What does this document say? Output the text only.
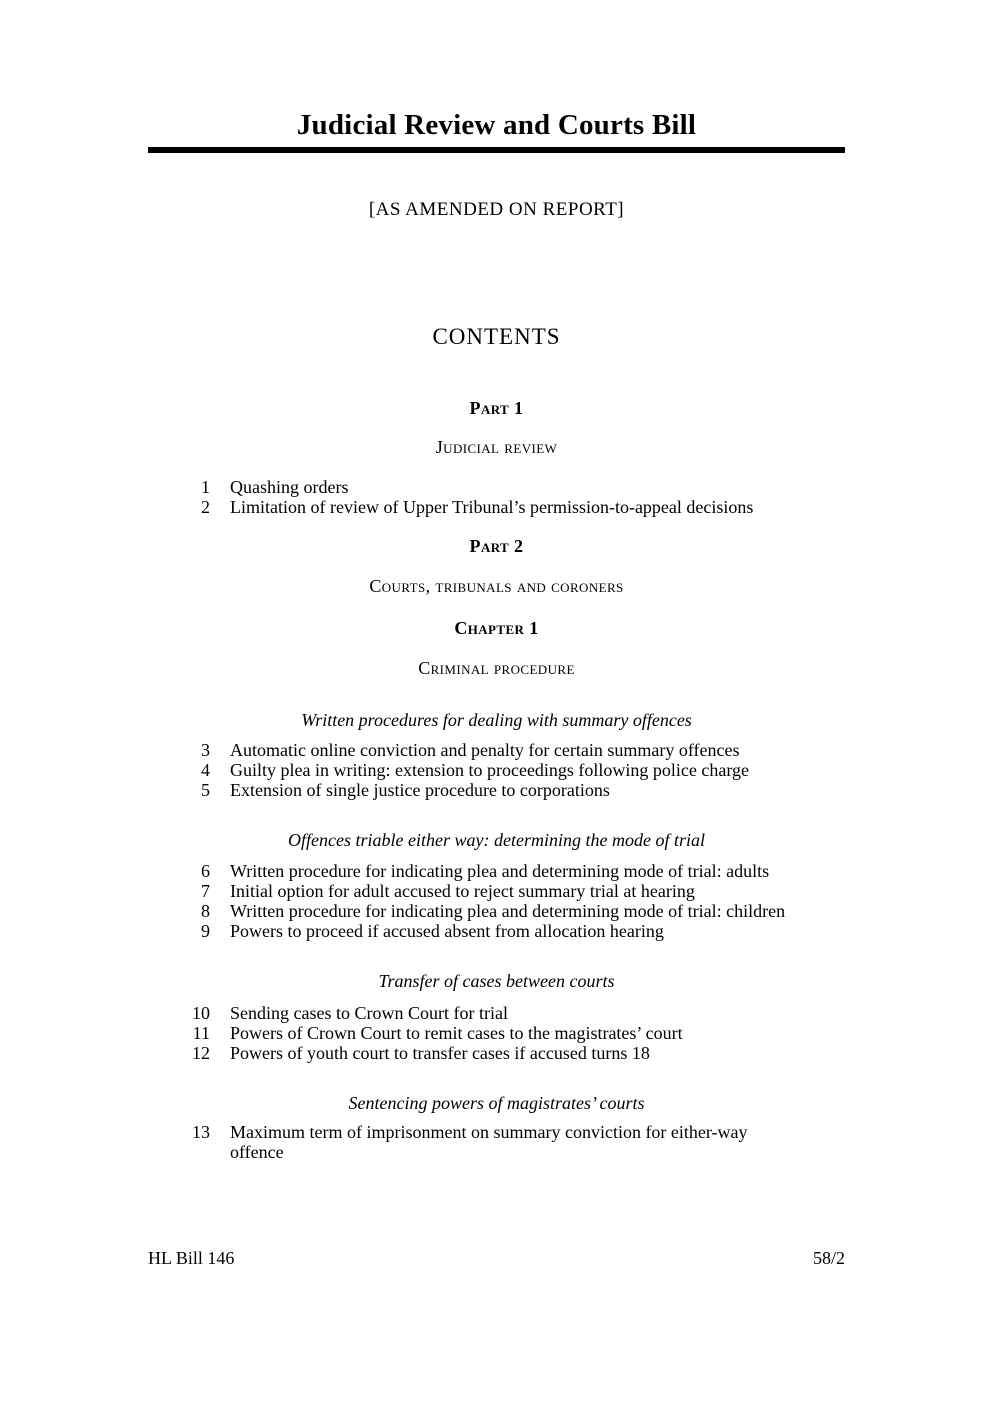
Judicial Review and Courts Bill
[AS AMENDED ON REPORT]
CONTENTS
Part 1
Judicial review
1 Quashing orders
2 Limitation of review of Upper Tribunal’s permission-to-appeal decisions
Part 2
Courts, tribunals and coroners
Chapter 1
Criminal procedure
Written procedures for dealing with summary offences
3 Automatic online conviction and penalty for certain summary offences
4 Guilty plea in writing: extension to proceedings following police charge
5 Extension of single justice procedure to corporations
Offences triable either way: determining the mode of trial
6 Written procedure for indicating plea and determining mode of trial: adults
7 Initial option for adult accused to reject summary trial at hearing
8 Written procedure for indicating plea and determining mode of trial: children
9 Powers to proceed if accused absent from allocation hearing
Transfer of cases between courts
10 Sending cases to Crown Court for trial
11 Powers of Crown Court to remit cases to the magistrates’ court
12 Powers of youth court to transfer cases if accused turns 18
Sentencing powers of magistrates’ courts
13 Maximum term of imprisonment on summary conviction for either-way offence
HL Bill 146	58/2
